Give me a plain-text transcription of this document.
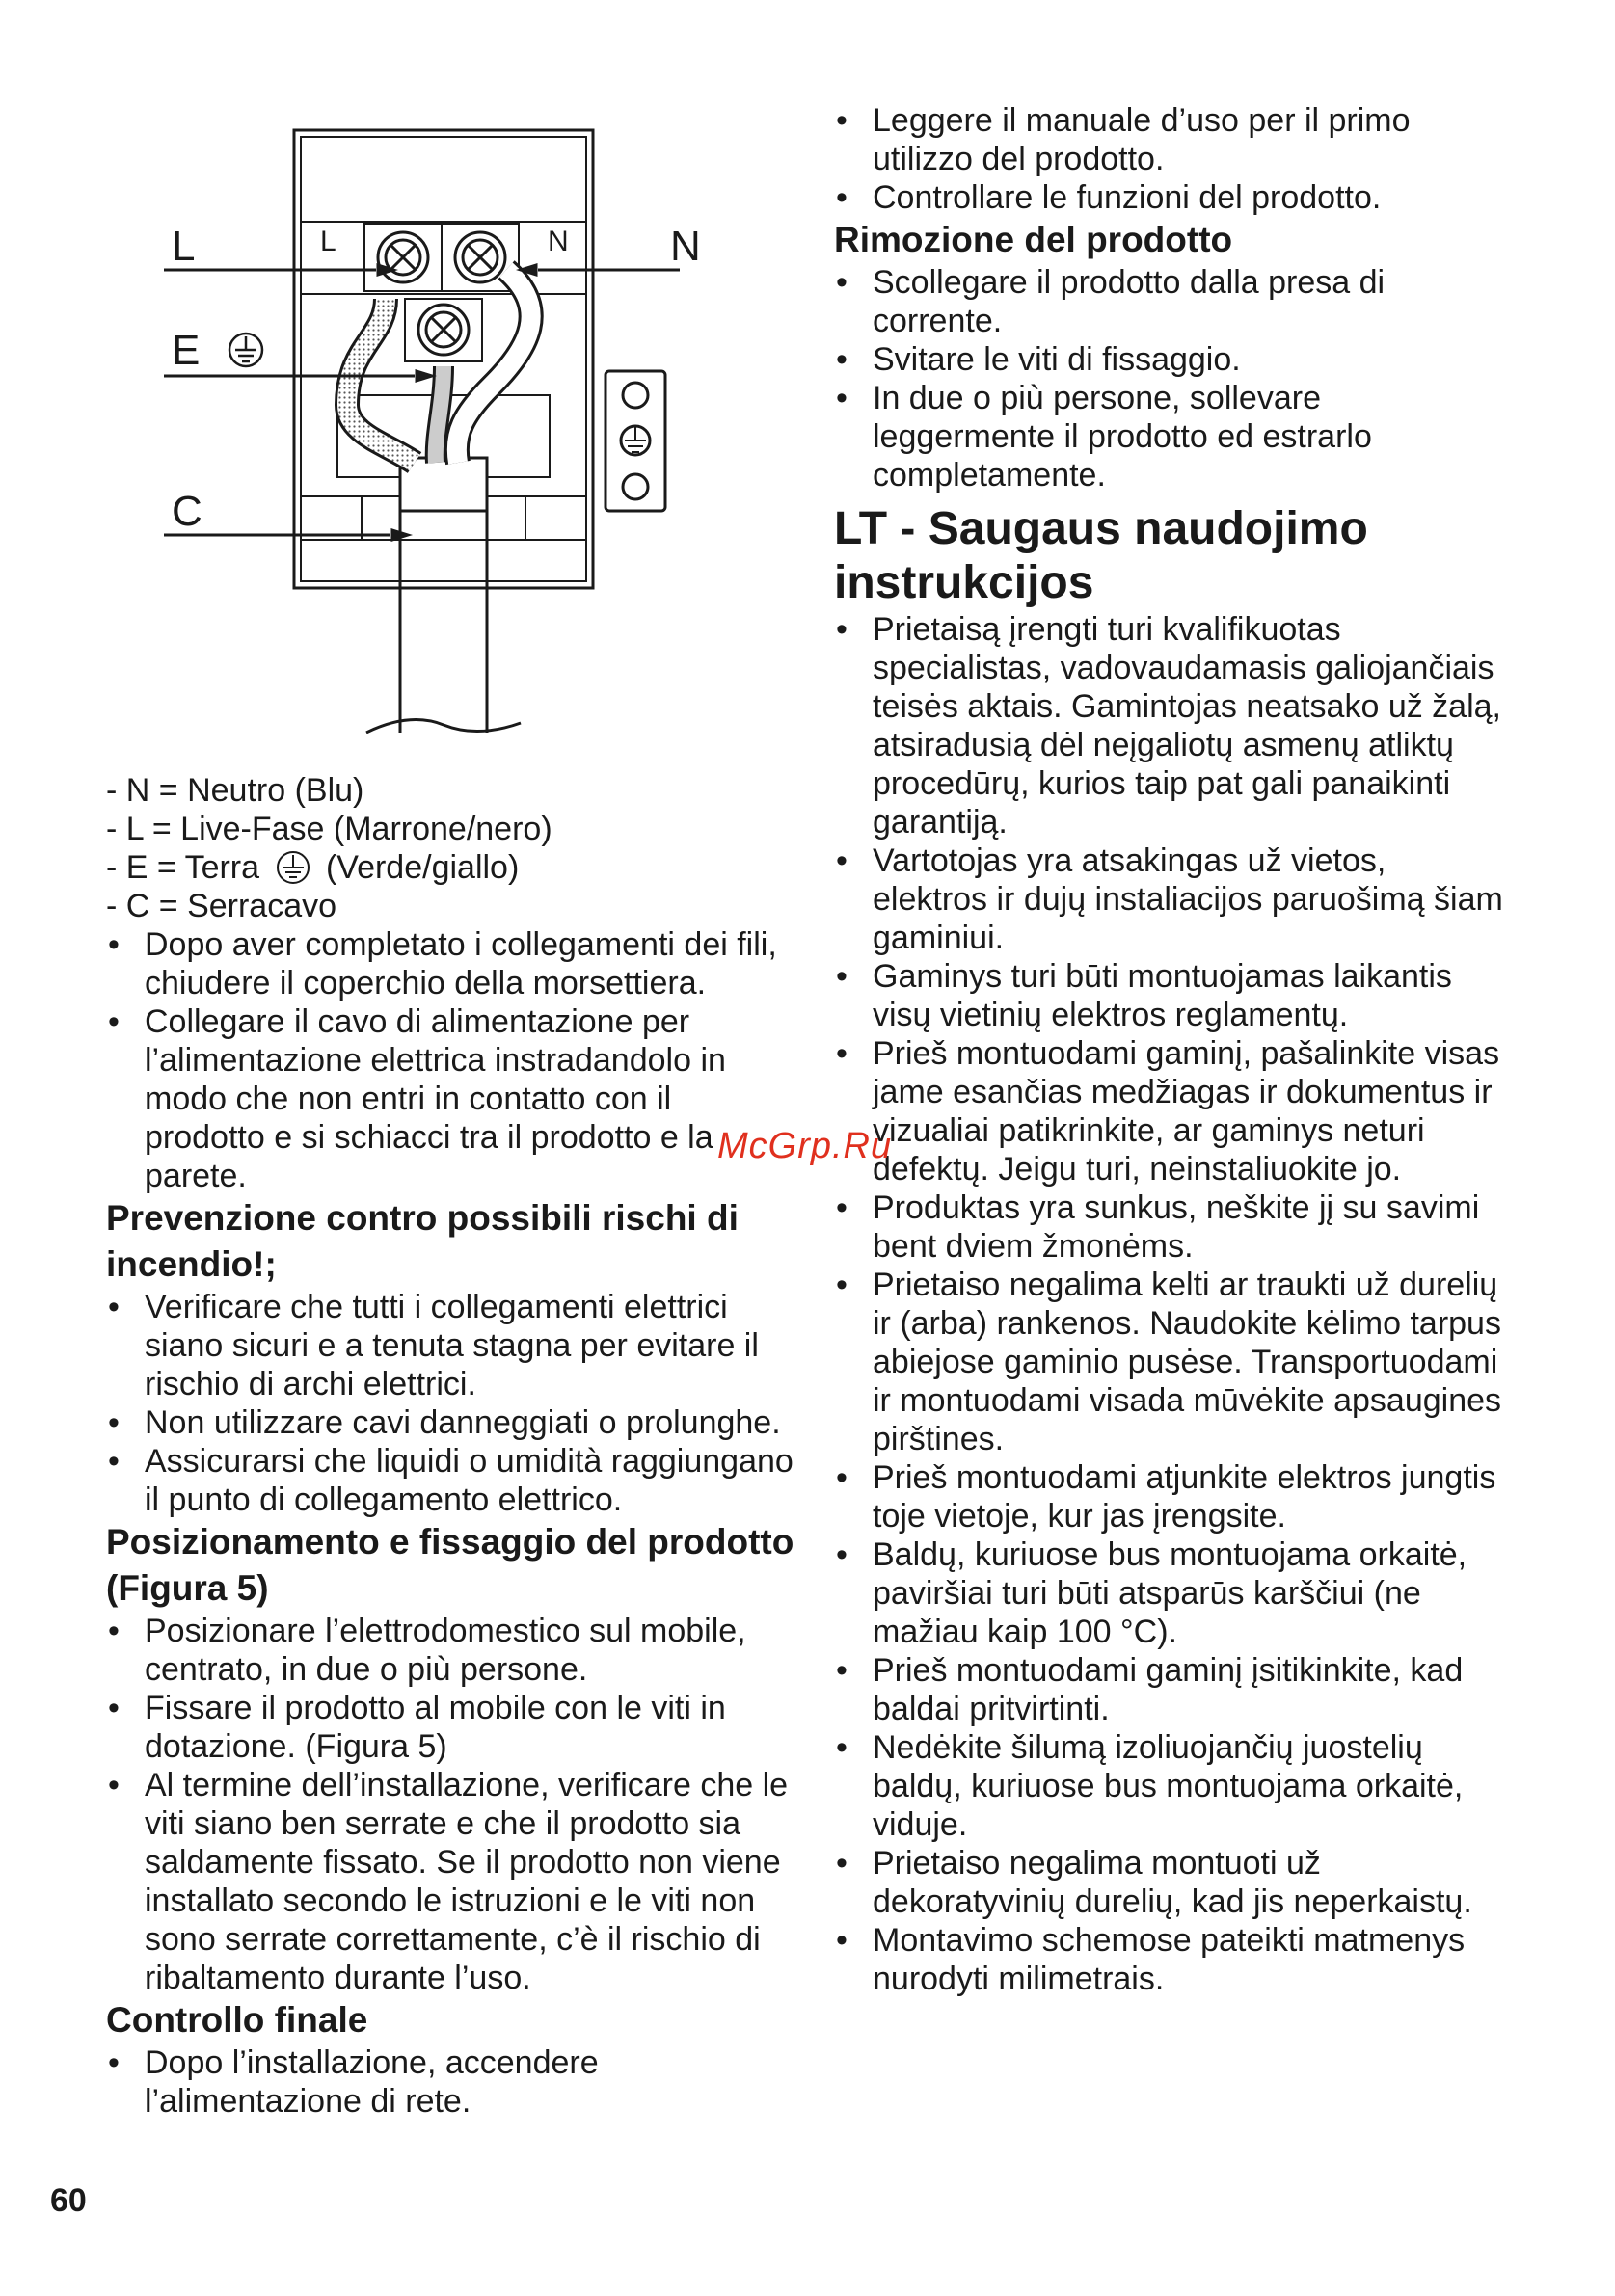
L
E
C
N
L	N
- N = Neutro (Blu)
- L = Live-Fase (Marrone/nero)
- E = Terra (Verde/giallo)
- C = Serracavo
• Dopo aver completato i collegamenti dei fili, chiudere il coperchio della morsettiera.
• Collegare il cavo di alimentazione per l’alimentazione elettrica instradandolo in modo che non entri in contatto con il prodotto e si schiacci tra il prodotto e la parete.
Prevenzione contro possibili rischi di incendio!;
• Verificare che tutti i collegamenti elettrici siano sicuri e a tenuta stagna per evitare il rischio di archi elettrici.
• Non utilizzare cavi danneggiati o prolunghe.
• Assicurarsi che liquidi o umidità raggiungano il punto di collegamento elettrico.
Posizionamento e fissaggio del prodotto
(Figura 5)
• Posizionare l’elettrodomestico sul mobile, centrato, in due o più persone.
• Fissare il prodotto al mobile con le viti in dotazione. (Figura 5)
• Al termine dell’installazione, verificare che le viti siano ben serrate e che il prodotto sia saldamente fissato. Se il prodotto non viene installato secondo le istruzioni e le viti non sono serrate correttamente, c’è il rischio di ribaltamento durante l’uso.
Controllo finale
• Dopo l’installazione, accendere l’alimentazione di rete.
• Leggere il manuale d’uso per il primo utilizzo del prodotto.
• Controllare le funzioni del prodotto.
Rimozione del prodotto
• Scollegare il prodotto dalla presa di corrente.
• Svitare le viti di fissaggio.
• In due o più persone, sollevare leggermente il prodotto ed estrarlo completamente.
LT - Saugaus naudojimo instrukcijos
• Prietaisą įrengti turi kvalifikuotas specialistas, vadovaudamasis galiojančiais teisės aktais. Gamintojas neatsako už žalą, atsiradusią dėl neįgaliotų asmenų atliktų procedūrų, kurios taip pat gali panaikinti garantiją.
• Vartotojas yra atsakingas už vietos, elektros ir dujų instaliacijos paruošimą šiam gaminiui.
• Gaminys turi būti montuojamas laikantis visų vietinių elektros reglamentų.
• Prieš montuodami gaminį, pašalinkite visas jame esančias medžiagas ir dokumentus ir vizualiai patikrinkite, ar gaminys neturi defektų. Jeigu turi, neinstaliuokite jo.
• Produktas yra sunkus, neškite jį su savimi bent dviem žmonėms.
• Prietaiso negalima kelti ar traukti už durelių ir (arba) rankenos. Naudokite kėlimo tarpus abiejose gaminio pusėse. Transportuodami ir montuodami visada mūvėkite apsaugines pirštines.
• Prieš montuodami atjunkite elektros jungtis toje vietoje, kur jas įrengsite.
• Baldų, kuriuose bus montuojama orkaitė, paviršiai turi būti atsparūs karščiui (ne mažiau kaip 100 °C).
• Prieš montuodami gaminį įsitikinkite, kad baldai pritvirtinti.
• Nedėkite šilumą izoliuojančių juostelių baldų, kuriuose bus montuojama orkaitė, viduje.
• Prietaiso negalima montuoti už dekoratyvinių durelių, kad jis neperkaistų.
• Montavimo schemose pateikti matmenys nurodyti milimetrais.
60
McGrp.Ru
